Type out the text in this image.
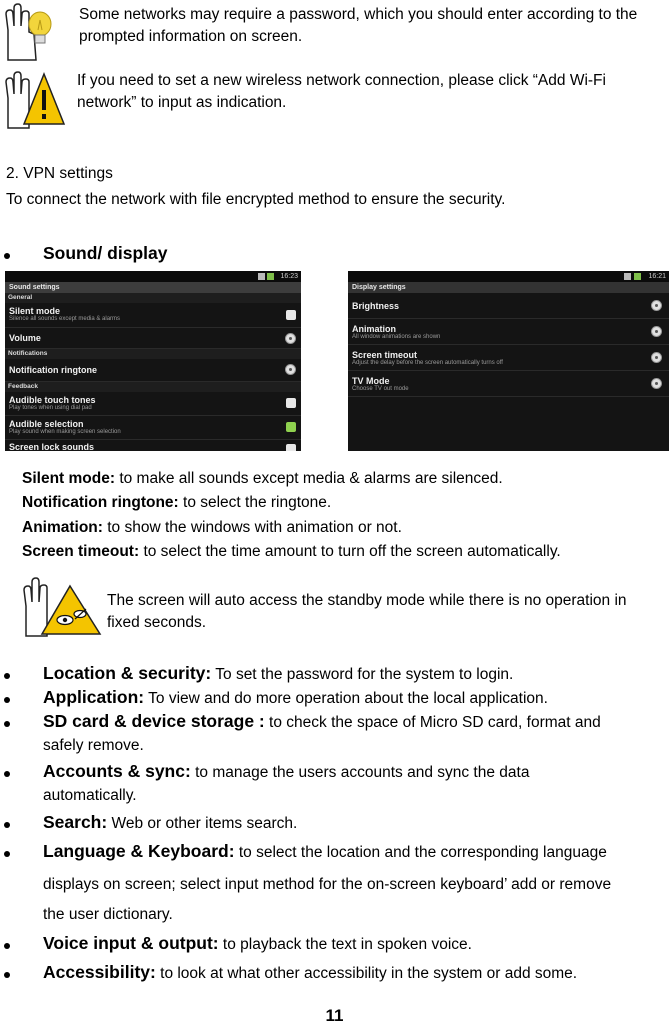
Some networks may require a password, which you should enter according to the prompted information on screen.
If you need to set a new wireless network connection, please click “Add Wi-Fi network” to input as indication.
2. VPN settings
To connect the network with file encrypted method to ensure the security.
Sound/ display
16:23
Sound settings
General
Silent mode
Silence all sounds except media & alarms
Volume
Notifications
Notification ringtone
Feedback
Audible touch tones
Play tones when using dial pad
Audible selection
Play sound when making screen selection
Screen lock sounds
16:21
Display settings
Brightness
Animation
All window animations are shown
Screen timeout
Adjust the delay before the screen automatically turns off
TV Mode
Choose TV out mode
Silent mode: to make all sounds except media & alarms are silenced.
Notification ringtone: to select the ringtone.
Animation: to show the windows with animation or not.
Screen timeout: to select the time amount to turn off the screen automatically.
The screen will auto access the standby mode while there is no operation in fixed seconds.
Location & security: To set the password for the system to login.
Application: To view and do more operation about the local application.
SD card & device storage : to check the space of Micro SD card, format and
safely remove.
Accounts & sync: to manage the users accounts and sync the data
automatically.
Search: Web or other items search.
Language & Keyboard: to select the location and the corresponding language
displays on screen; select input method for the on-screen keyboard’ add or remove
the user dictionary.
Voice input & output: to playback the text in spoken voice.
Accessibility: to look at what other accessibility in the system or add some.
11
